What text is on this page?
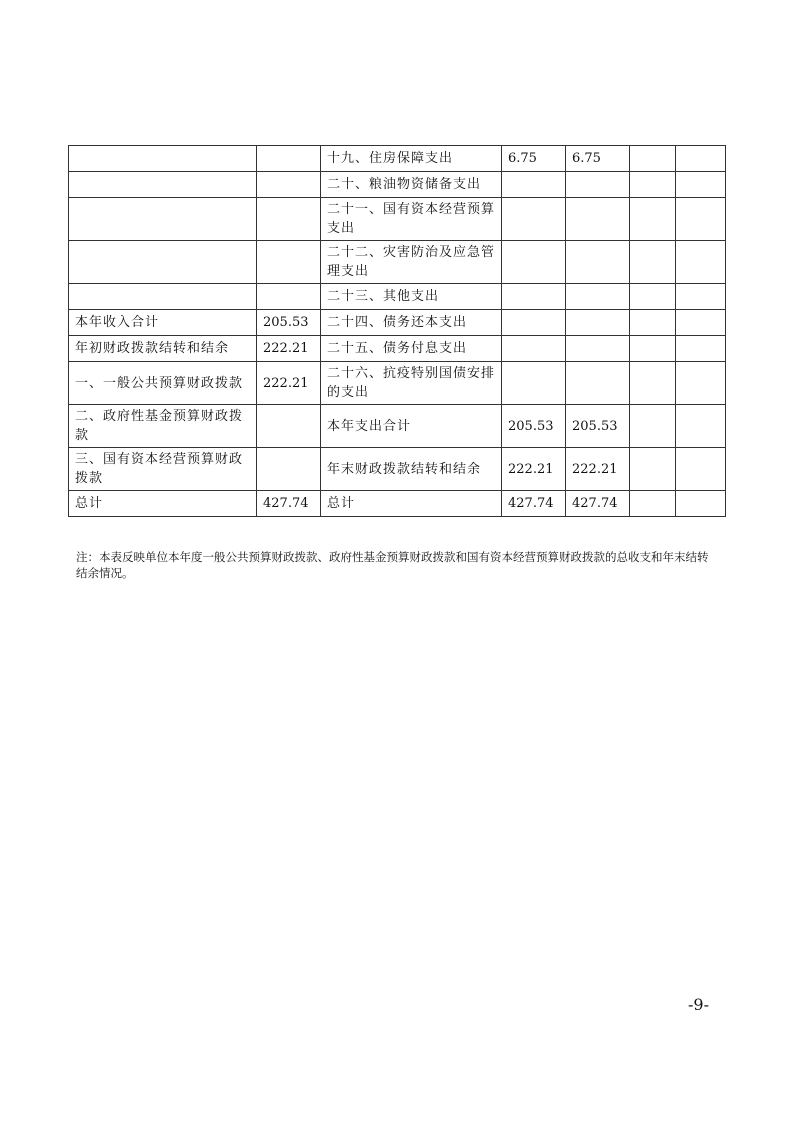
		十九、住房保障支出	6.75	6.75		
		二十、粮油物资储备支出				
		二十一、国有资本经营预算支出				
		二十二、灾害防治及应急管理支出				
		二十三、其他支出				
本年收入合计	205.53	二十四、债务还本支出				
年初财政拨款结转和结余	222.21	二十五、债务付息支出				
一、一般公共预算财政拨款	222.21	二十六、抗疫特别国债安排的支出				
二、政府性基金预算财政拨款		本年支出合计	205.53	205.53		
三、国有资本经营预算财政拨款		年末财政拨款结转和结余	222.21	222.21		
总计	427.74	总计	427.74	427.74		
注：本表反映单位本年度一般公共预算财政拨款、政府性基金预算财政拨款和国有资本经营预算财政拨款的总收支和年末结转结余情况。
-9-
